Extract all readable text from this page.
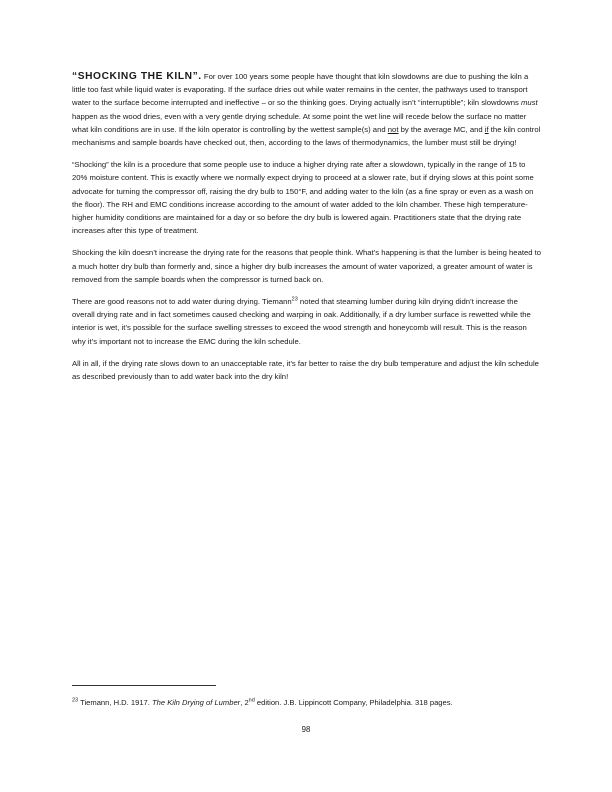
“SHOCKING THE KILN”. For over 100 years some people have thought that kiln slowdowns are due to pushing the kiln a little too fast while liquid water is evaporating. If the surface dries out while water remains in the center, the pathways used to transport water to the surface become interrupted and ineffective – or so the thinking goes. Drying actually isn’t “interruptible”; kiln slowdowns must happen as the wood dries, even with a very gentle drying schedule. At some point the wet line will recede below the surface no matter what kiln conditions are in use. If the kiln operator is controlling by the wettest sample(s) and not by the average MC, and if the kiln control mechanisms and sample boards have checked out, then, according to the laws of thermodynamics, the lumber must still be drying!

“Shocking” the kiln is a procedure that some people use to induce a higher drying rate after a slowdown, typically in the range of 15 to 20% moisture content. This is exactly where we normally expect drying to proceed at a slower rate, but if drying slows at this point some advocate for turning the compressor off, raising the dry bulb to 150°F, and adding water to the kiln (as a fine spray or even as a wash on the floor). The RH and EMC conditions increase according to the amount of water added to the kiln chamber. These high temperature-higher humidity conditions are maintained for a day or so before the dry bulb is lowered again. Practitioners state that the drying rate increases after this type of treatment.

Shocking the kiln doesn’t increase the drying rate for the reasons that people think. What’s happening is that the lumber is being heated to a much hotter dry bulb than formerly and, since a higher dry bulb increases the amount of water vaporized, a greater amount of water is removed from the sample boards when the compressor is turned back on.

There are good reasons not to add water during drying. Tiemann$^{23}$ noted that steaming lumber during kiln drying didn’t increase the overall drying rate and in fact sometimes caused checking and warping in oak. Additionally, if a dry lumber surface is rewetted while the interior is wet, it’s possible for the surface swelling stresses to exceed the wood strength and honeycomb will result. This is the reason why it’s important not to increase the EMC during the kiln schedule.

All in all, if the drying rate slows down to an unacceptable rate, it’s far better to raise the dry bulb temperature and adjust the kiln schedule as described previously than to add water back into the dry kiln!

$^{23}$ Tiemann, H.D. 1917. The Kiln Drying of Lumber, 2nd edition. J.B. Lippincott Company, Philadelphia. 318 pages.
98
